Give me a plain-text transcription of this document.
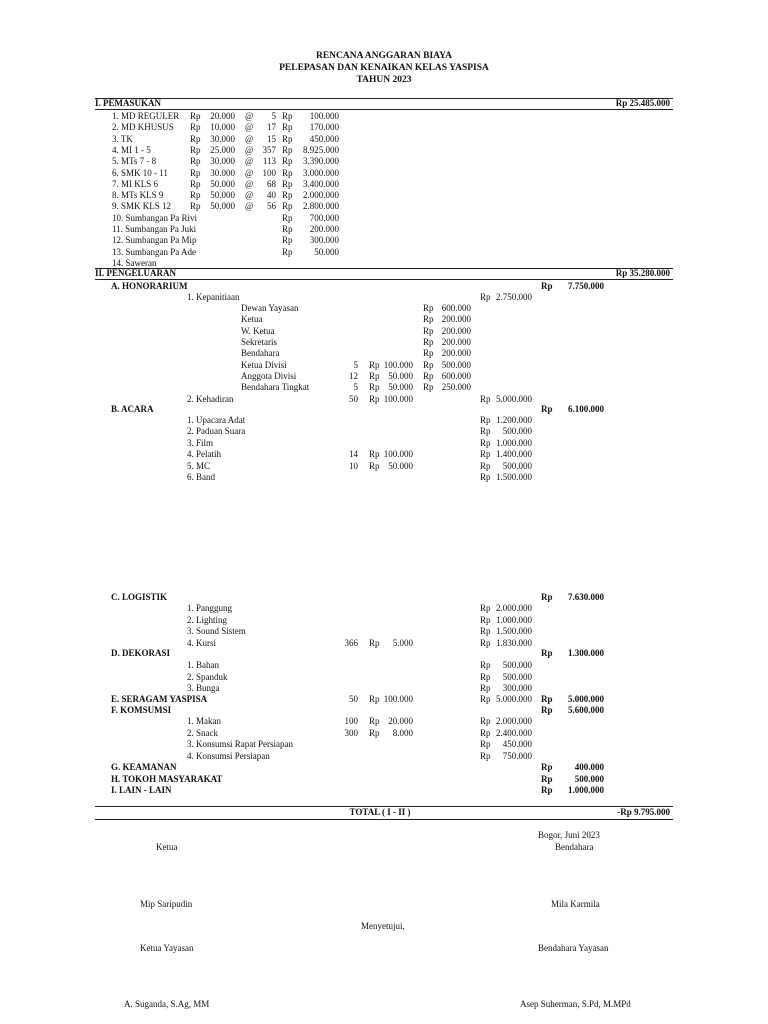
RENCANA ANGGARAN BIAYA
PELEPASAN DAN KENAIKAN KELAS YASPISA
TAHUN 2023
I. PEMASUKAN	Rp 25.485.000
1. MD REGULER Rp	20.000 @	5 Rp	100.000
2. MD KHUSUS Rp	10.000 @	17 Rp	170.000
3. TK	Rp	30.000 @	15 Rp	450.000
4. MI 1 - 5	Rp	25.000 @	357 Rp	8.925.000
5. MTs 7 - 8	Rp	30.000 @	113 Rp	3.390.000
6. SMK 10 - 11 Rp	30.000 @	100 Rp	3.000.000
7. MI KLS 6	Rp	50.000 @	68 Rp	3.400.000
8. MTs KLS 9	Rp	50.000 @	40 Rp	2.000.000
9. SMK KLS 12 Rp	50.000 @	56 Rp	2.800.000
10. Sumbangan Pa Rivi	Rp	700.000
11. Sumbangan Pa Juki	Rp	200.000
12. Sumbangan Pa Mip	Rp	300.000
13. Sumbangan Pa Ade	Rp	50.000
14. Saweran
II. PENGELUARAN	Rp 35.280.000
A. HONORARIUM	Rp	7.750.000
1. Kepanitiaan	Rp 2.750.000
Dewan Yayasan	Rp 600.000
Ketua	Rp 200.000
W. Ketua	Rp 200.000
Sekretaris	Rp 200.000
Bendahara	Rp 200.000
Ketua Divisi	5 Rp 100.000 Rp 500.000
Anggota Divisi	12 Rp 50.000 Rp 600.000
Bendahara Tingkat	5 Rp 50.000 Rp 250.000
2. Kehadiran	50 Rp 100.000	Rp 5.000.000
B. ACARA	Rp	6.100.000
1. Upacara Adat	Rp 1.200.000
2. Paduan Suara	Rp	500.000
3. Film	Rp 1.000.000
4. Pelatih	14 Rp 100.000	Rp 1.400.000
5. MC	10 Rp 50.000	Rp	500.000
6. Band	Rp 1.500.000
C. LOGISTIK	Rp	7.630.000
1. Panggung	Rp 2.000.000
2. Lighting	Rp 1.000.000
3. Sound Sistem	Rp 1.500.000
4. Kursi	366 Rp	5.000	Rp 1.830.000
D. DEKORASI	Rp	1.300.000
1. Bahan	Rp	500.000
2. Spanduk	Rp	500.000
3. Bunga	Rp	300.000
E. SERAGAM YASPISA	50 Rp 100.000	Rp 5.000.000 Rp	5.000.000
F. KOMSUMSI	Rp	5.600.000
1. Makan	100 Rp 20.000	Rp 2.000.000
2. Snack	300 Rp	8.000	Rp 2.400.000
3. Konsumsi Rapat Persiapan	Rp	450.000
4. Konsumsi Persiapan	Rp	750.000
G. KEAMANAN	Rp	400.000
H. TOKOH MASYARAKAT	Rp	500.000
I. LAIN - LAIN	Rp	1.000.000
TOTAL ( I - II )	-Rp 9.795.000
Bogor, Juni 2023
Ketua	Bendahara
Mip Saripudin	Mila Karmila
Menyetujui,
Ketua Yayasan	Bendahara Yayasan
A. Suganda, S.Ag, MM	Asep Suherman, S.Pd, M.MPd
